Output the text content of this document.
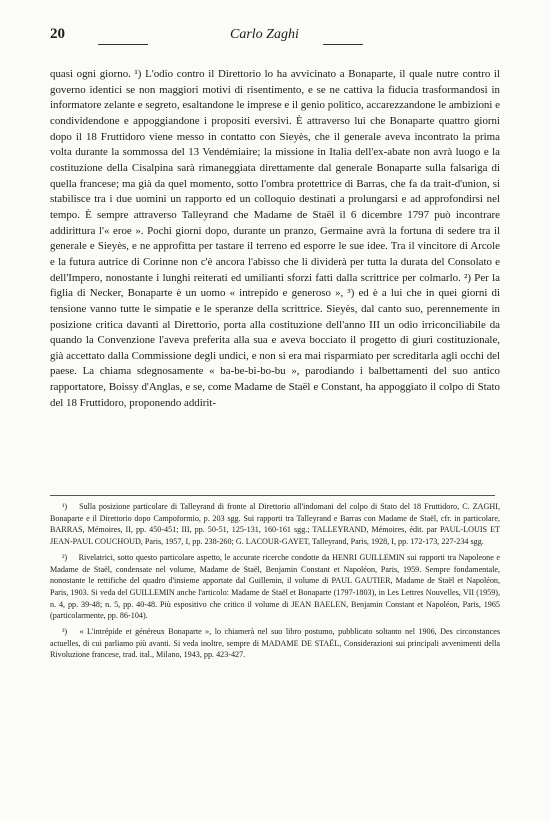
20	Carlo Zaghi

quasi ogni giorno. ¹) L'odio contro il Direttorio lo ha avvicinato a Bonaparte, il quale nutre contro il governo identici se non maggiori motivi di risentimento, e se ne cattiva la fiducia trasformandosi in informatore zelante e segreto, esaltandone le imprese e il genio politico, accarezzandone le ambizioni e condividendone e appoggiandone i propositi eversivi. È attraverso lui che Bonaparte quattro giorni dopo il 18 Fruttidoro viene messo in contatto con Sieyès, che il generale aveva incontrato la prima volta durante la sommossa del 13 Vendémiaire; la missione in Italia dell'ex-abate non avrà luogo e la costituzione della Cisalpina sarà rimaneggiata direttamente dal generale Bonaparte sulla falsariga di quella francese; ma già da quel momento, sotto l'ombra protettrice di Barras, che fa da trait-d'union, si stabilisce tra i due uomini un rapporto ed un colloquio destinati a prolungarsi e ad approfondirsi nel tempo. È sempre attraverso Talleyrand che Madame de Staël il 6 dicembre 1797 può incontrare addirittura l'« eroe ». Pochi giorni dopo, durante un pranzo, Germaine avrà la fortuna di sedere tra il generale e Sieyès, e ne approfitta per tastare il terreno ed esporre le sue idee. Tra il vincitore di Arcole e la futura autrice di Corinne non c'è ancora l'abisso che li dividerà per tutta la durata del Consolato e dell'Impero, nonostante i lunghi reiterati ed umilianti sforzi fatti dalla scrittrice per colmarlo. ²) Per la figlia di Necker, Bonaparte è un uomo « intrepido e generoso », ³) ed è a lui che in quei giorni di tensione vanno tutte le simpatie e le speranze della scrittrice. Sieyès, dal canto suo, perennemente in posizione critica davanti al Direttorio, porta alla costituzione dell'anno III un odio irriconciliabile da quando la Convenzione l'aveva preferita alla sua e aveva bocciato il progetto di giurì costituzionale, già accettato dalla Commissione degli undici, e non si era mai risparmiato per screditarla agli occhi del paese. La chiama sdegnosamente « ba-be-bi-bo-bu », parodiando i balbettamenti del suo antico rapportatore, Boissy d'Anglas, e se, come Madame de Staël e Constant, ha appoggiato il colpo di Stato del 18 Fruttidoro, proponendo addirit-

¹) Sulla posizione particolare di Talleyrand di fronte al Direttorio all'indomani del colpo di Stato del 18 Fruttidoro, C. ZAGHI, Bonaparte e il Direttorio dopo Campoformio, p. 203 sgg. Sui rapporti tra Talleyrand e Barras con Madame de Staël, cfr. in particolare, BARRAS, Mémoires, II, pp. 450-451; III, pp. 50-51, 125-131, 160-161 sgg.; TALLEYRAND, Mémoires, édit. par PAUL-LOUIS ET JEAN-PAUL COUCHOUD, Paris, 1957, I, pp. 238-260; G. LACOUR-GAYET, Talleyrand, Paris, 1928, I, pp. 172-173, 227-234 sgg.

²) Rivelatrici, sotto questo particolare aspetto, le accurate ricerche condotte da HENRI GUILLEMIN sui rapporti tra Napoleone e Madame de Staël, condensate nel volume, Madame de Staël, Benjamin Constant et Napoléon, Paris, 1959. Sempre fondamentale, nonostante le rettifiche del quadro d'insieme apportate dal Guillemin, il volume di PAUL GAUTIER, Madame de Staël et Napoléon, Paris, 1903. Si veda del GUILLEMIN anche l'articolo: Madame de Staël et Bonaparte (1797-1803), in Les Lettres Nouvelles, VII (1959), n. 4, pp. 39-48; n. 5, pp. 40-48. Più espositivo che critico il volume di JEAN BAELEN, Benjamin Constant et Napoléon, Paris, 1965 (particolarmente, pp. 86-104).

³) « L'intrépide et généreux Bonaparte », lo chiamerà nel suo libro postumo, pubblicato soltanto nel 1906, Des circonstances actuelles, di cui parliamo più avanti. Si veda inoltre, sempre di MADAME DE STAËL, Considerazioni sui principali avvenimenti della Rivoluzione francese, trad. ital., Milano, 1943, pp. 423-427.
